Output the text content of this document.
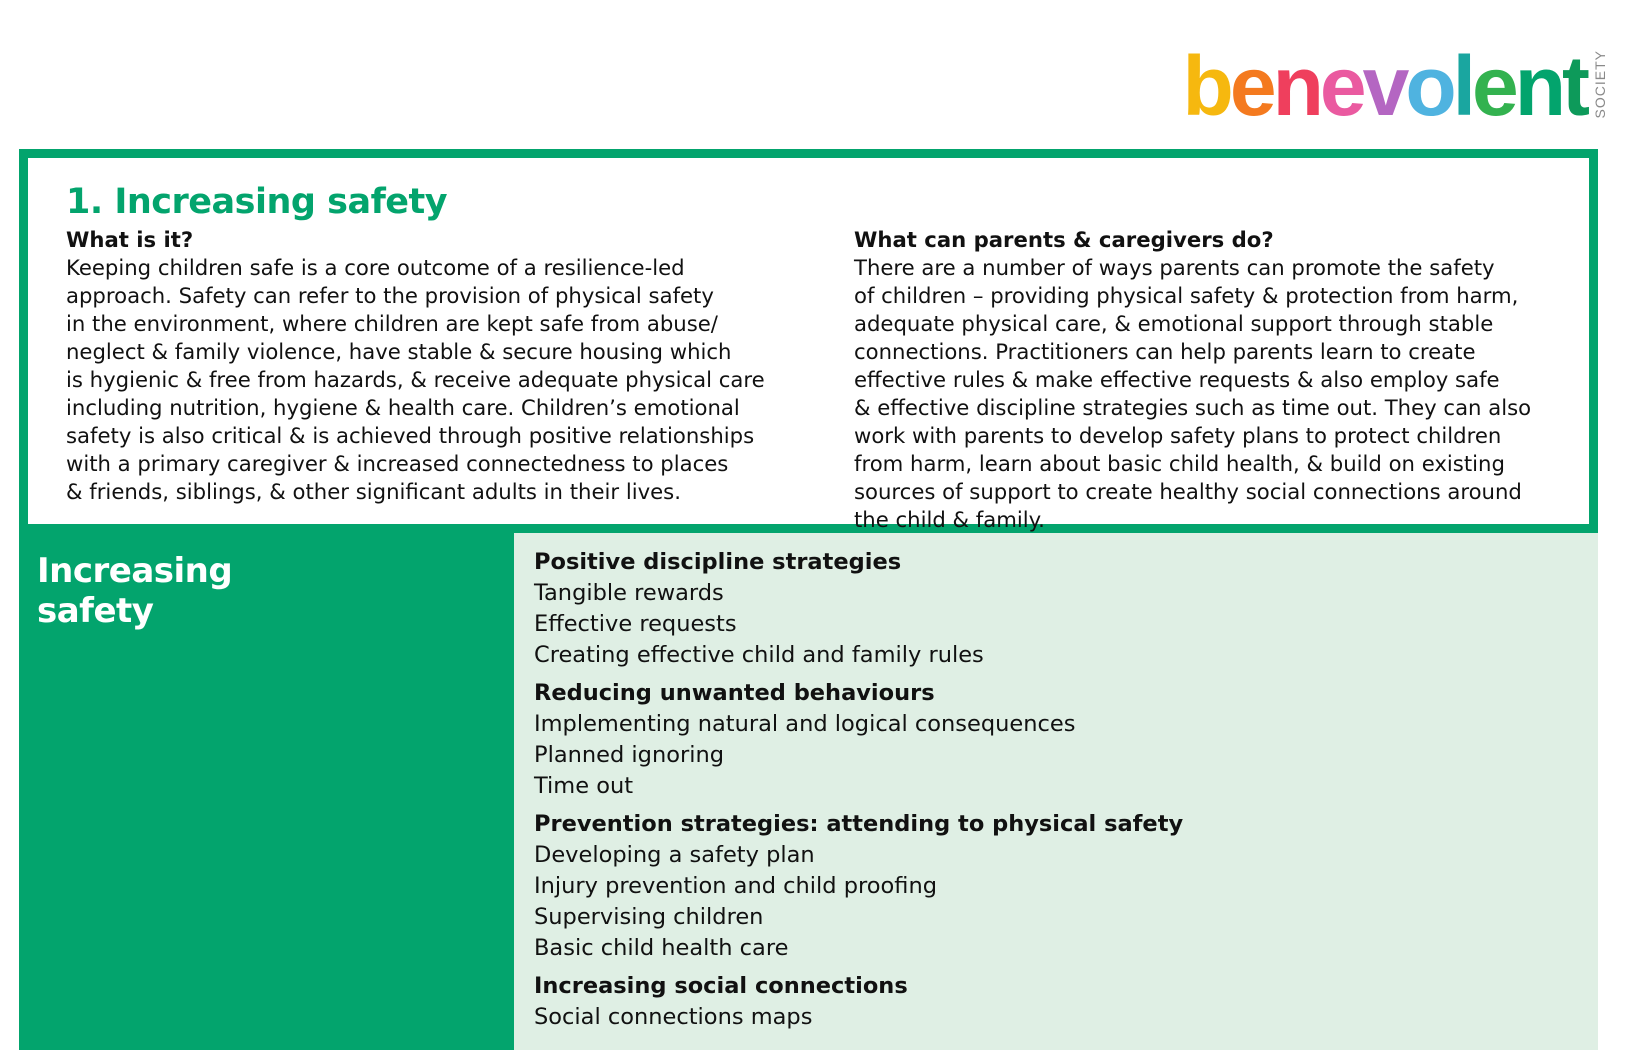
b e n e v o l e n t SOCIETY
1. Increasing safety
What is it?
Keeping children safe is a core outcome of a resilience-led
approach. Safety can refer to the provision of physical safety
in the environment, where children are kept safe from abuse/
neglect & family violence, have stable & secure housing which
is hygienic & free from hazards, & receive adequate physical care
including nutrition, hygiene & health care. Children’s emotional
safety is also critical & is achieved through positive relationships
with a primary caregiver & increased connectedness to places
& friends, siblings, & other significant adults in their lives.
What can parents & caregivers do?
There are a number of ways parents can promote the safety
of children – providing physical safety & protection from harm,
adequate physical care, & emotional support through stable
connections. Practitioners can help parents learn to create
effective rules & make effective requests & also employ safe
& effective discipline strategies such as time out. They can also
work with parents to develop safety plans to protect children
from harm, learn about basic child health, & build on existing
sources of support to create healthy social connections around
the child & family.
Increasing
safety
Positive discipline strategies
Tangible rewards
Effective requests
Creating effective child and family rules
Reducing unwanted behaviours
Implementing natural and logical consequences
Planned ignoring
Time out
Prevention strategies: attending to physical safety
Developing a safety plan
Injury prevention and child proofing
Supervising children
Basic child health care
Increasing social connections
Social connections maps
